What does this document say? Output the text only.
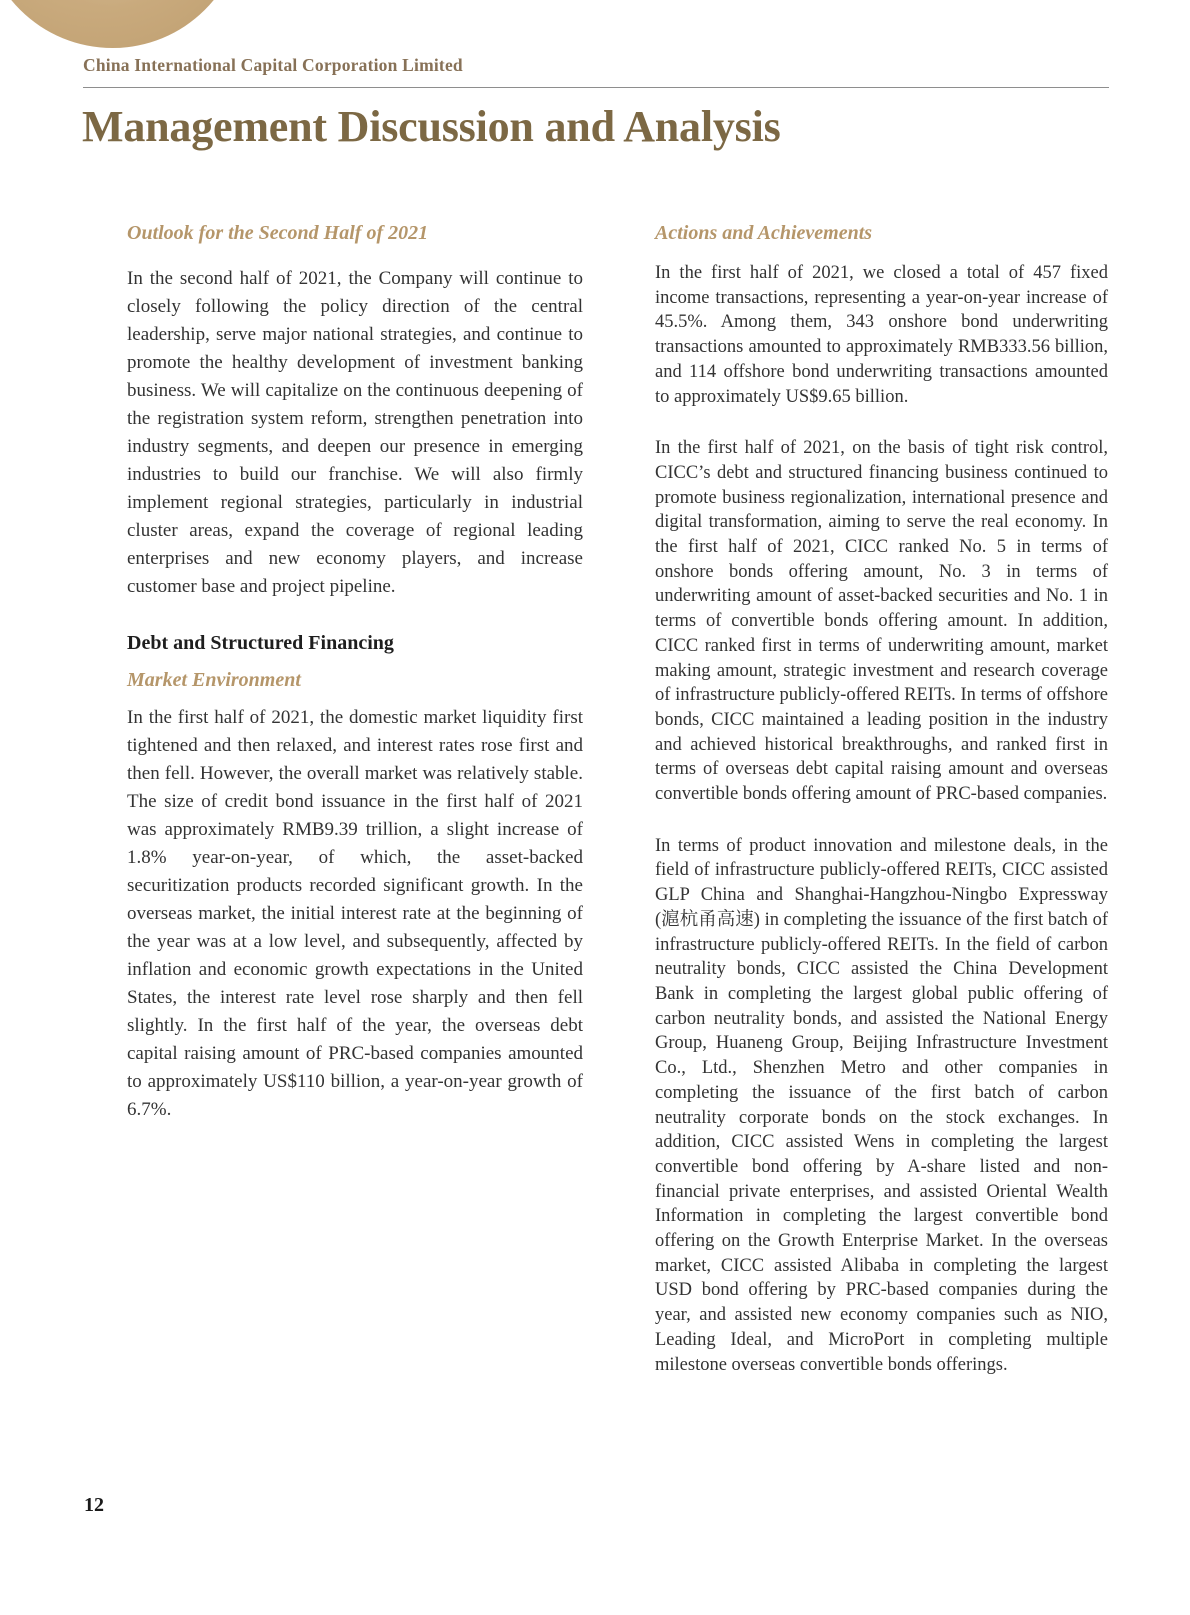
China International Capital Corporation Limited
Management Discussion and Analysis
Outlook for the Second Half of 2021

In the second half of 2021, the Company will continue to closely following the policy direction of the central leadership, serve major national strategies, and continue to promote the healthy development of investment banking business. We will capitalize on the continuous deepening of the registration system reform, strengthen penetration into industry segments, and deepen our presence in emerging industries to build our franchise. We will also firmly implement regional strategies, particularly in industrial cluster areas, expand the coverage of regional leading enterprises and new economy players, and increase customer base and project pipeline.

Debt and Structured Financing
Market Environment

In the first half of 2021, the domestic market liquidity first tightened and then relaxed, and interest rates rose first and then fell. However, the overall market was relatively stable. The size of credit bond issuance in the first half of 2021 was approximately RMB9.39 trillion, a slight increase of 1.8% year-on-year, of which, the asset-backed securitization products recorded significant growth. In the overseas market, the initial interest rate at the beginning of the year was at a low level, and subsequently, affected by inflation and economic growth expectations in the United States, the interest rate level rose sharply and then fell slightly. In the first half of the year, the overseas debt capital raising amount of PRC-based companies amounted to approximately US$110 billion, a year-on-year growth of 6.7%.

Actions and Achievements

In the first half of 2021, we closed a total of 457 fixed income transactions, representing a year-on-year increase of 45.5%. Among them, 343 onshore bond underwriting transactions amounted to approximately RMB333.56 billion, and 114 offshore bond underwriting transactions amounted to approximately US$9.65 billion.

In the first half of 2021, on the basis of tight risk control, CICC’s debt and structured financing business continued to promote business regionalization, international presence and digital transformation, aiming to serve the real economy. In the first half of 2021, CICC ranked No. 5 in terms of onshore bonds offering amount, No. 3 in terms of underwriting amount of asset-backed securities and No. 1 in terms of convertible bonds offering amount. In addition, CICC ranked first in terms of underwriting amount, market making amount, strategic investment and research coverage of infrastructure publicly-offered REITs. In terms of offshore bonds, CICC maintained a leading position in the industry and achieved historical breakthroughs, and ranked first in terms of overseas debt capital raising amount and overseas convertible bonds offering amount of PRC-based companies.

In terms of product innovation and milestone deals, in the field of infrastructure publicly-offered REITs, CICC assisted GLP China and Shanghai-Hangzhou-Ningbo Expressway (滬杭甬高速) in completing the issuance of the first batch of infrastructure publicly-offered REITs. In the field of carbon neutrality bonds, CICC assisted the China Development Bank in completing the largest global public offering of carbon neutrality bonds, and assisted the National Energy Group, Huaneng Group, Beijing Infrastructure Investment Co., Ltd., Shenzhen Metro and other companies in completing the issuance of the first batch of carbon neutrality corporate bonds on the stock exchanges. In addition, CICC assisted Wens in completing the largest convertible bond offering by A-share listed and non-financial private enterprises, and assisted Oriental Wealth Information in completing the largest convertible bond offering on the Growth Enterprise Market. In the overseas market, CICC assisted Alibaba in completing the largest USD bond offering by PRC-based companies during the year, and assisted new economy companies such as NIO, Leading Ideal, and MicroPort in completing multiple milestone overseas convertible bonds offerings.

12
